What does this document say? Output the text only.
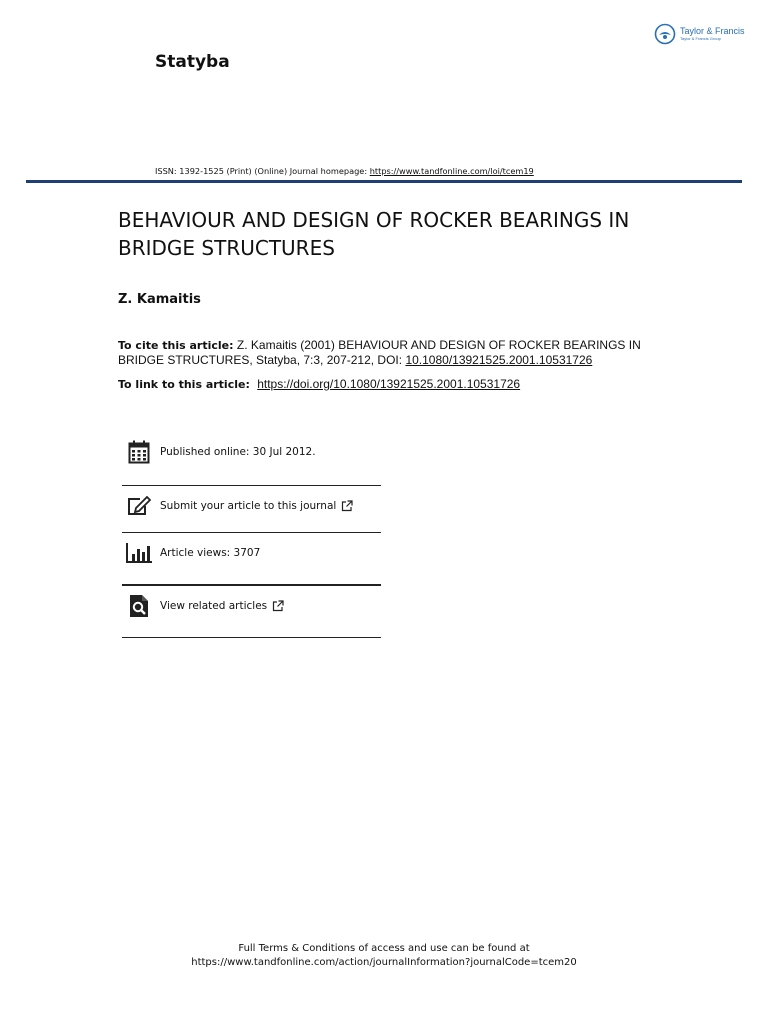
Statyba
Taylor & Francis
Taylor & Francis Group
ISSN: 1392-1525 (Print) (Online) Journal homepage: https://www.tandfonline.com/loi/tcem19
BEHAVIOUR AND DESIGN OF ROCKER BEARINGS IN BRIDGE STRUCTURES
Z. Kamaitis
To cite this article: Z. Kamaitis (2001) BEHAVIOUR AND DESIGN OF ROCKER BEARINGS IN BRIDGE STRUCTURES, Statyba, 7:3, 207-212, DOI: 10.1080/13921525.2001.10531726
To link to this article: https://doi.org/10.1080/13921525.2001.10531726
Published online: 30 Jul 2012.
Submit your article to this journal
Article views: 3707
View related articles
Full Terms & Conditions of access and use can be found at
https://www.tandfonline.com/action/journalInformation?journalCode=tcem20
